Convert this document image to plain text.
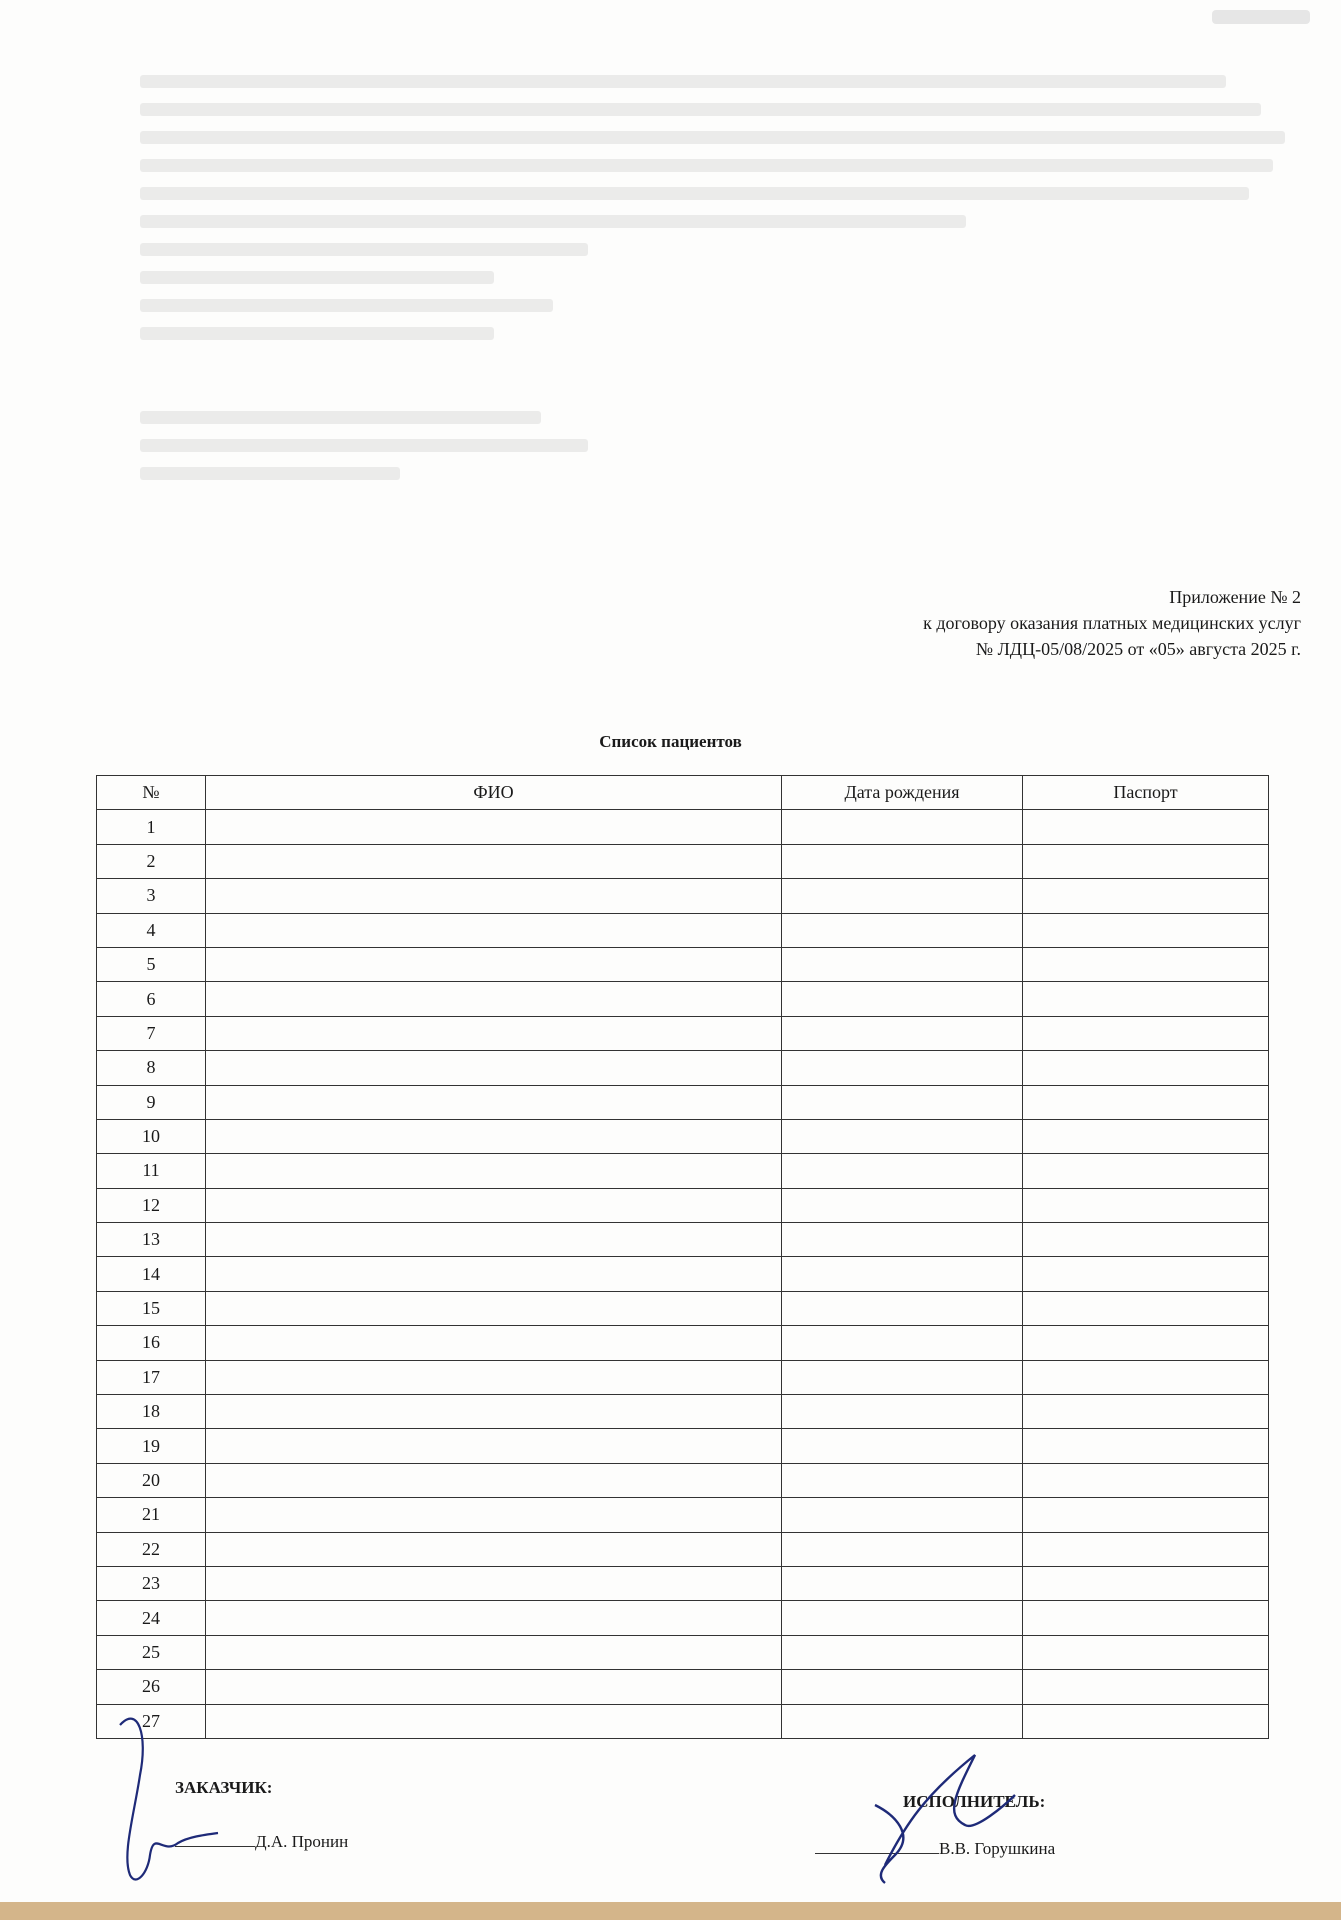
Приложение № 2
к договору оказания платных медицинских услуг
№ ЛДЦ-05/08/2025 от «05» августа 2025 г.
Список пациентов
№	ФИО	Дата рождения	Паспорт
1			
2			
3			
4			
5			
6			
7			
8			
9			
10			
11			
12			
13			
14			
15			
16			
17			
18			
19			
20			
21			
22			
23			
24			
25			
26			
27			
ЗАКАЗЧИК:
Д.А. Пронин
ИСПОЛНИТЕЛЬ:
В.В. Горушкина
